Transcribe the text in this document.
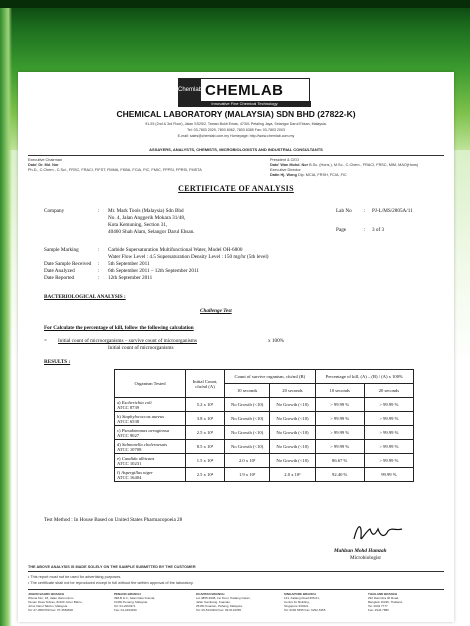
Chemlab CHEMLAB
Innovative Fine Chemical Technology
CHEMICAL LABORATORY (MALAYSIA) SDN BHD (27822-K)
91-93 (2nd & 3rd Floor), Jalan SS25/2, Taman Bukit Emas, 47301 Petaling Jaya, Selangor Darul Ehsan, Malaysia.
Tel: 03-7803 2029, 7803 6062, 7803 6385 Fax: 03-7803 2003
E-mail: sales@chemlab.com.my Homepage: http://www.chemlab.com.my
ASSAYERS, ANALYSTS, CHEMISTS, MICROBIOLOGISTS AND INDUSTRIAL CONSULTANTS
Executive Chairman
Dato' Dr. Md. Nor
Ph.D., C.Chem., C.Sci., FRSC, FRACI, FIFST, FMMA, FKBA, FCIA, FIC, FMIC, FPPSI, FPRSI, FMSTA
President & CEO
Dato' Wan Mohd. Nor B.Sc. (Hons.), M.Sc., C.Chem., FRACI, FRSC, MIM, MAO(Hons)
Executive Director
Datin Hj. Wong Dip. MCIA, FRSH, FCIA, FIC
CERTIFICATE OF ANALYSIS
Company	: Mr. Mark Tools (Malaysia) Sdn Bhd
No. 4, Jalan Anggerik Mokara 31/48,
Kota Kemuning, Section 31,
40460 Shah Alam, Selangor Darul Ehsan.
Lab No : PJ-L/MS/2805A/11
Page	: 3 of 3
Sample Marking	: Carbide Supersaturation Multifunctional Water, Model OH-6800
Water Flow Level : 4.5 Supersaturation Density Level : 150 mg/hr (5th level)
Date Sample Received : 5th September 2011
Date Analyzed	: 6th September 2011 – 12th September 2011
Date Reported	: 12th September 2011
BACTERIOLOGICAL ANALYSIS :
Challenge Test
For Calculate the percentage of kill, follow the following calculation
= Initial count of microorganisms – survive count of microorganisms	x 100%
Initial count of microorganisms
RESULTS :
Organism Tested	Initial Count, cfu/ml (A)	Count of survive organism, cfu/ml (B)		Percentage of kill, (A) – (B) / (A) x 100%	
		10 seconds	20 seconds	10 seconds	20 seconds
a) Escherichia coli
ATCC 8739	5.2 x 10⁵	No Growth (<10)	No Growth (<10)	> 99.99 %	> 99.99 %
b) Staphylococcus aureus
ATCC 6538	3.8 x 10⁵	No Growth (<10)	No Growth (<10)	> 99.99 %	> 99.99 %
c) Pseudomonas aeruginosa
ATCC 9027	2.5 x 10⁵	No Growth (<10)	No Growth (<10)	> 99.99 %	> 99.99 %
d) Salmonella choleraesuis
ATCC 10708	8.5 x 10⁵	No Growth (<10)	No Growth (<10)	> 99.99 %	> 99.99 %
e) Candida albicans
ATCC 10231	1.5 x 10⁴	2.0 x 10³	No Growth (<10)	86.67 %	> 99.99 %
f) Aspergillus niger
ATCC 16404	2.5 x 10⁴	1.9 x 10³	2.0 x 10¹	92.40 %	99.99 %
Test Method : In House Based on United States Pharmacopoeia 28
Mahlzan Mohd Hamzah
Microbiologist
THE ABOVE ANALYSIS IS MADE SOLELY ON THE SAMPLE SUBMITTED BY THE CUSTOMER
• This report must not be used for advertising purposes.
• The certificate shall not be reproduced except in full without the written approval of the laboratory.
JOHOR BAHRU BRANCH
Wisma Kim, 18, Jalan Harmonium
Taman Desa Tebrau, 81100 Johor Bahru,
Johor Darul Takzim, Malaysia.
Tel: 07-3584769 Fax: 07-3584830
PENANG BRANCH
398-B & C, Jalan Dato Kramat,
10460 Penang, Malaysia.
Tel: 04-2264371
Fax: 04-2294390
KUANTAN BRANCH
Lot 4855-3608, 1st Floor, Padang Garan,
Jalan Gambang, Kuantan,
25150 Kuantan, Pahang, Malaysia.
Tel: 09-5134363 Fax: 09-5134365
SINGAPORE BRANCH
131, Kallang Road #05-01,
Centre for Building,
Singapore 339421
Tel: 6292 6655 Fax: 6292 6355
THAILAND BRANCH
292 Ramintra 40 Road,
Bangkok 10230, Thailand.
Tel: 2943 7777
Fax: 2943 7880
